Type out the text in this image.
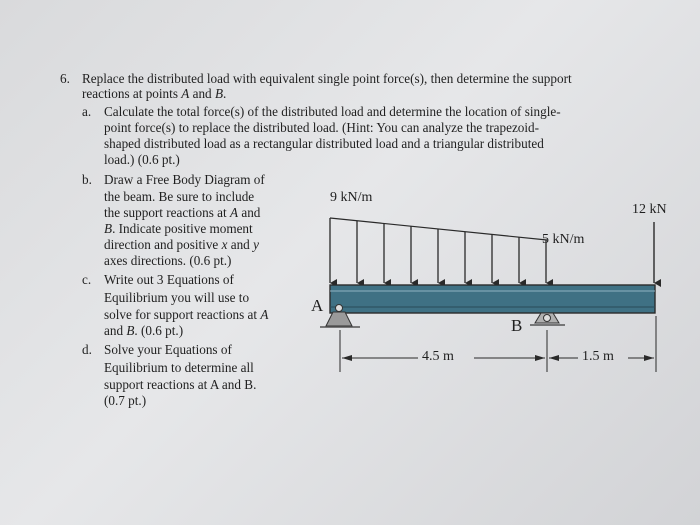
6. Replace the distributed load with equivalent single point force(s), then determine the support
reactions at points A and B.
a. Calculate the total force(s) of the distributed load and determine the location of single-
point force(s) to replace the distributed load. (Hint: You can analyze the trapezoid-
shaped distributed load as a rectangular distributed load and a triangular distributed
load.) (0.6 pt.)
b. Draw a Free Body Diagram of
the beam. Be sure to include
the support reactions at A and
B. Indicate positive moment
direction and positive x and y
axes directions. (0.6 pt.)
c. Write out 3 Equations of
Equilibrium you will use to
solve for support reactions at A
and B. (0.6 pt.)
d. Solve your Equations of
Equilibrium to determine all
support reactions at A and B.
(0.7 pt.)
9 kN/m
5 kN/m
12 kN
A
B
4.5 m	1.5 m
